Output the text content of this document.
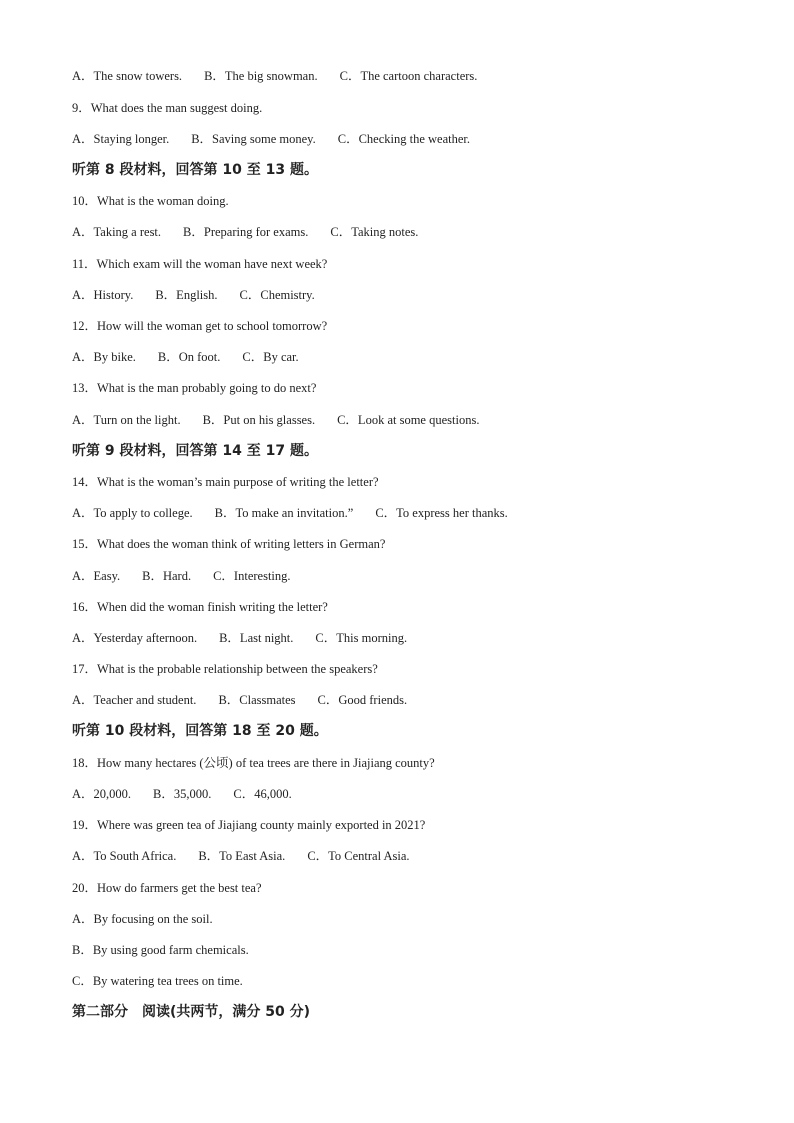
A．The snow towers. B．The big snowman. C．The cartoon characters.
9．What does the man suggest doing.
A．Staying longer. B．Saving some money. C．Checking the weather.
听第 8 段材料，回答第 10 至 13 题。
10．What is the woman doing.
A．Taking a rest. B．Preparing for exams. C．Taking notes.
11．Which exam will the woman have next week?
A．History. B．English. C．Chemistry.
12．How will the woman get to school tomorrow?
A．By bike. B．On foot. C．By car.
13．What is the man probably going to do next?
A．Turn on the light. B．Put on his glasses. C．Look at some questions.
听第 9 段材料，回答第 14 至 17 题。
14．What is the woman’s main purpose of writing the letter?
A．To apply to college. B．To make an invitation.” C．To express her thanks.
15．What does the woman think of writing letters in German?
A．Easy. B．Hard. C．Interesting.
16．When did the woman finish writing the letter?
A．Yesterday afternoon. B．Last night. C．This morning.
17．What is the probable relationship between the speakers?
A．Teacher and student. B．Classmates C．Good friends.
听第 10 段材料，回答第 18 至 20 题。
18．How many hectares (公顷) of tea trees are there in Jiajiang county?
A．20,000. B．35,000. C．46,000.
19．Where was green tea of Jiajiang county mainly exported in 2021?
A．To South Africa. B．To East Asia. C．To Central Asia.
20．How do farmers get the best tea?
A．By focusing on the soil.
B．By using good farm chemicals.
C．By watering tea trees on time.
第二部分　阅读(共两节，满分 50 分)
